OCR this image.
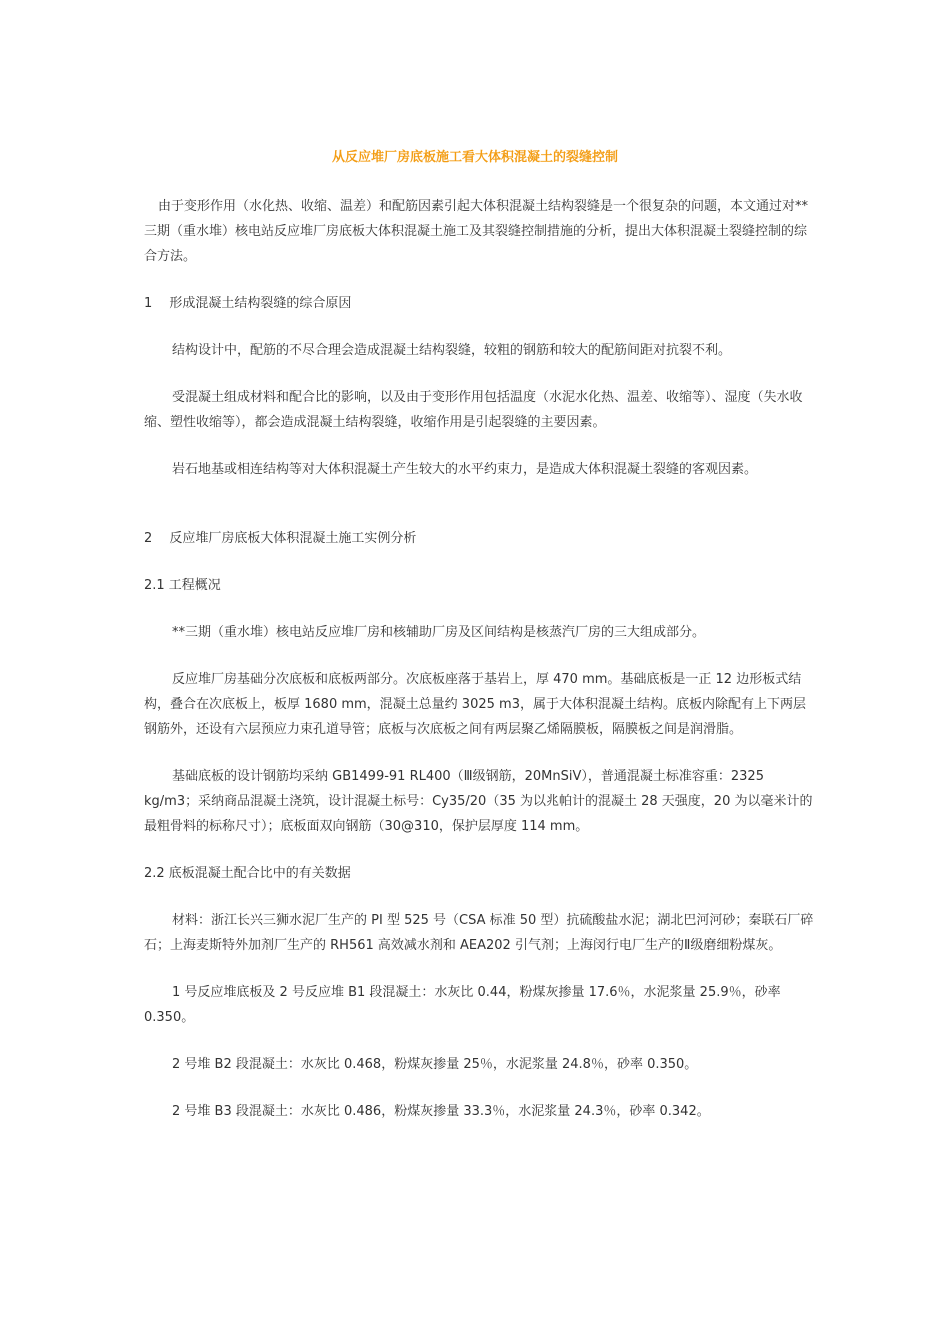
从反应堆厂房底板施工看大体积混凝土的裂缝控制

由于变形作用（水化热、收缩、温差）和配筋因素引起大体积混凝土结构裂缝是一个很复杂的问题，本文通过对**三期（重水堆）核电站反应堆厂房底板大体积混凝土施工及其裂缝控制措施的分析，提出大体积混凝土裂缝控制的综合方法。

1　 形成混凝土结构裂缝的综合原因

结构设计中，配筋的不尽合理会造成混凝土结构裂缝，较粗的钢筋和较大的配筋间距对抗裂不利。

受混凝土组成材料和配合比的影响，以及由于变形作用包括温度（水泥水化热、温差、收缩等）、湿度（失水收缩、塑性收缩等），都会造成混凝土结构裂缝，收缩作用是引起裂缝的主要因素。

岩石地基或相连结构等对大体积混凝土产生较大的水平约束力，是造成大体积混凝土裂缝的客观因素。

2　 反应堆厂房底板大体积混凝土施工实例分析
2.1 工程概况

**三期（重水堆）核电站反应堆厂房和核辅助厂房及区间结构是核蒸汽厂房的三大组成部分。

反应堆厂房基础分次底板和底板两部分。次底板座落于基岩上，厚 470 mm。基础底板是一正 12 边形板式结构，叠合在次底板上，板厚 1680 mm，混凝土总量约 3025 m3，属于大体积混凝土结构。底板内除配有上下两层钢筋外，还设有六层预应力束孔道导管；底板与次底板之间有两层聚乙烯隔膜板，隔膜板之间是润滑脂。

基础底板的设计钢筋均采纳 GB1499-91 RL400（Ⅲ级钢筋，20MnSiV），普通混凝土标准容重：2325 kg/m3；采纳商品混凝土浇筑，设计混凝土标号：Cy35/20（35 为以兆帕计的混凝土 28 天强度，20 为以毫米计的最粗骨料的标称尺寸）；底板面双向钢筋（30@310，保护层厚度 114 mm。

2.2 底板混凝土配合比中的有关数据

材料：浙江长兴三狮水泥厂生产的 PI 型 525 号（CSA 标准 50 型）抗硫酸盐水泥；湖北巴河河砂；秦联石厂碎石；上海麦斯特外加剂厂生产的 RH561 高效减水剂和 AEA202 引气剂；上海闵行电厂生产的Ⅱ级磨细粉煤灰。

1 号反应堆底板及 2 号反应堆 B1 段混凝土：水灰比 0.44，粉煤灰掺量 17.6％，水泥浆量 25.9％，砂率 0.350。

2 号堆 B2 段混凝土：水灰比 0.468，粉煤灰掺量 25％，水泥浆量 24.8％，砂率 0.350。

2 号堆 B3 段混凝土：水灰比 0.486，粉煤灰掺量 33.3％，水泥浆量 24.3％，砂率 0.342。
